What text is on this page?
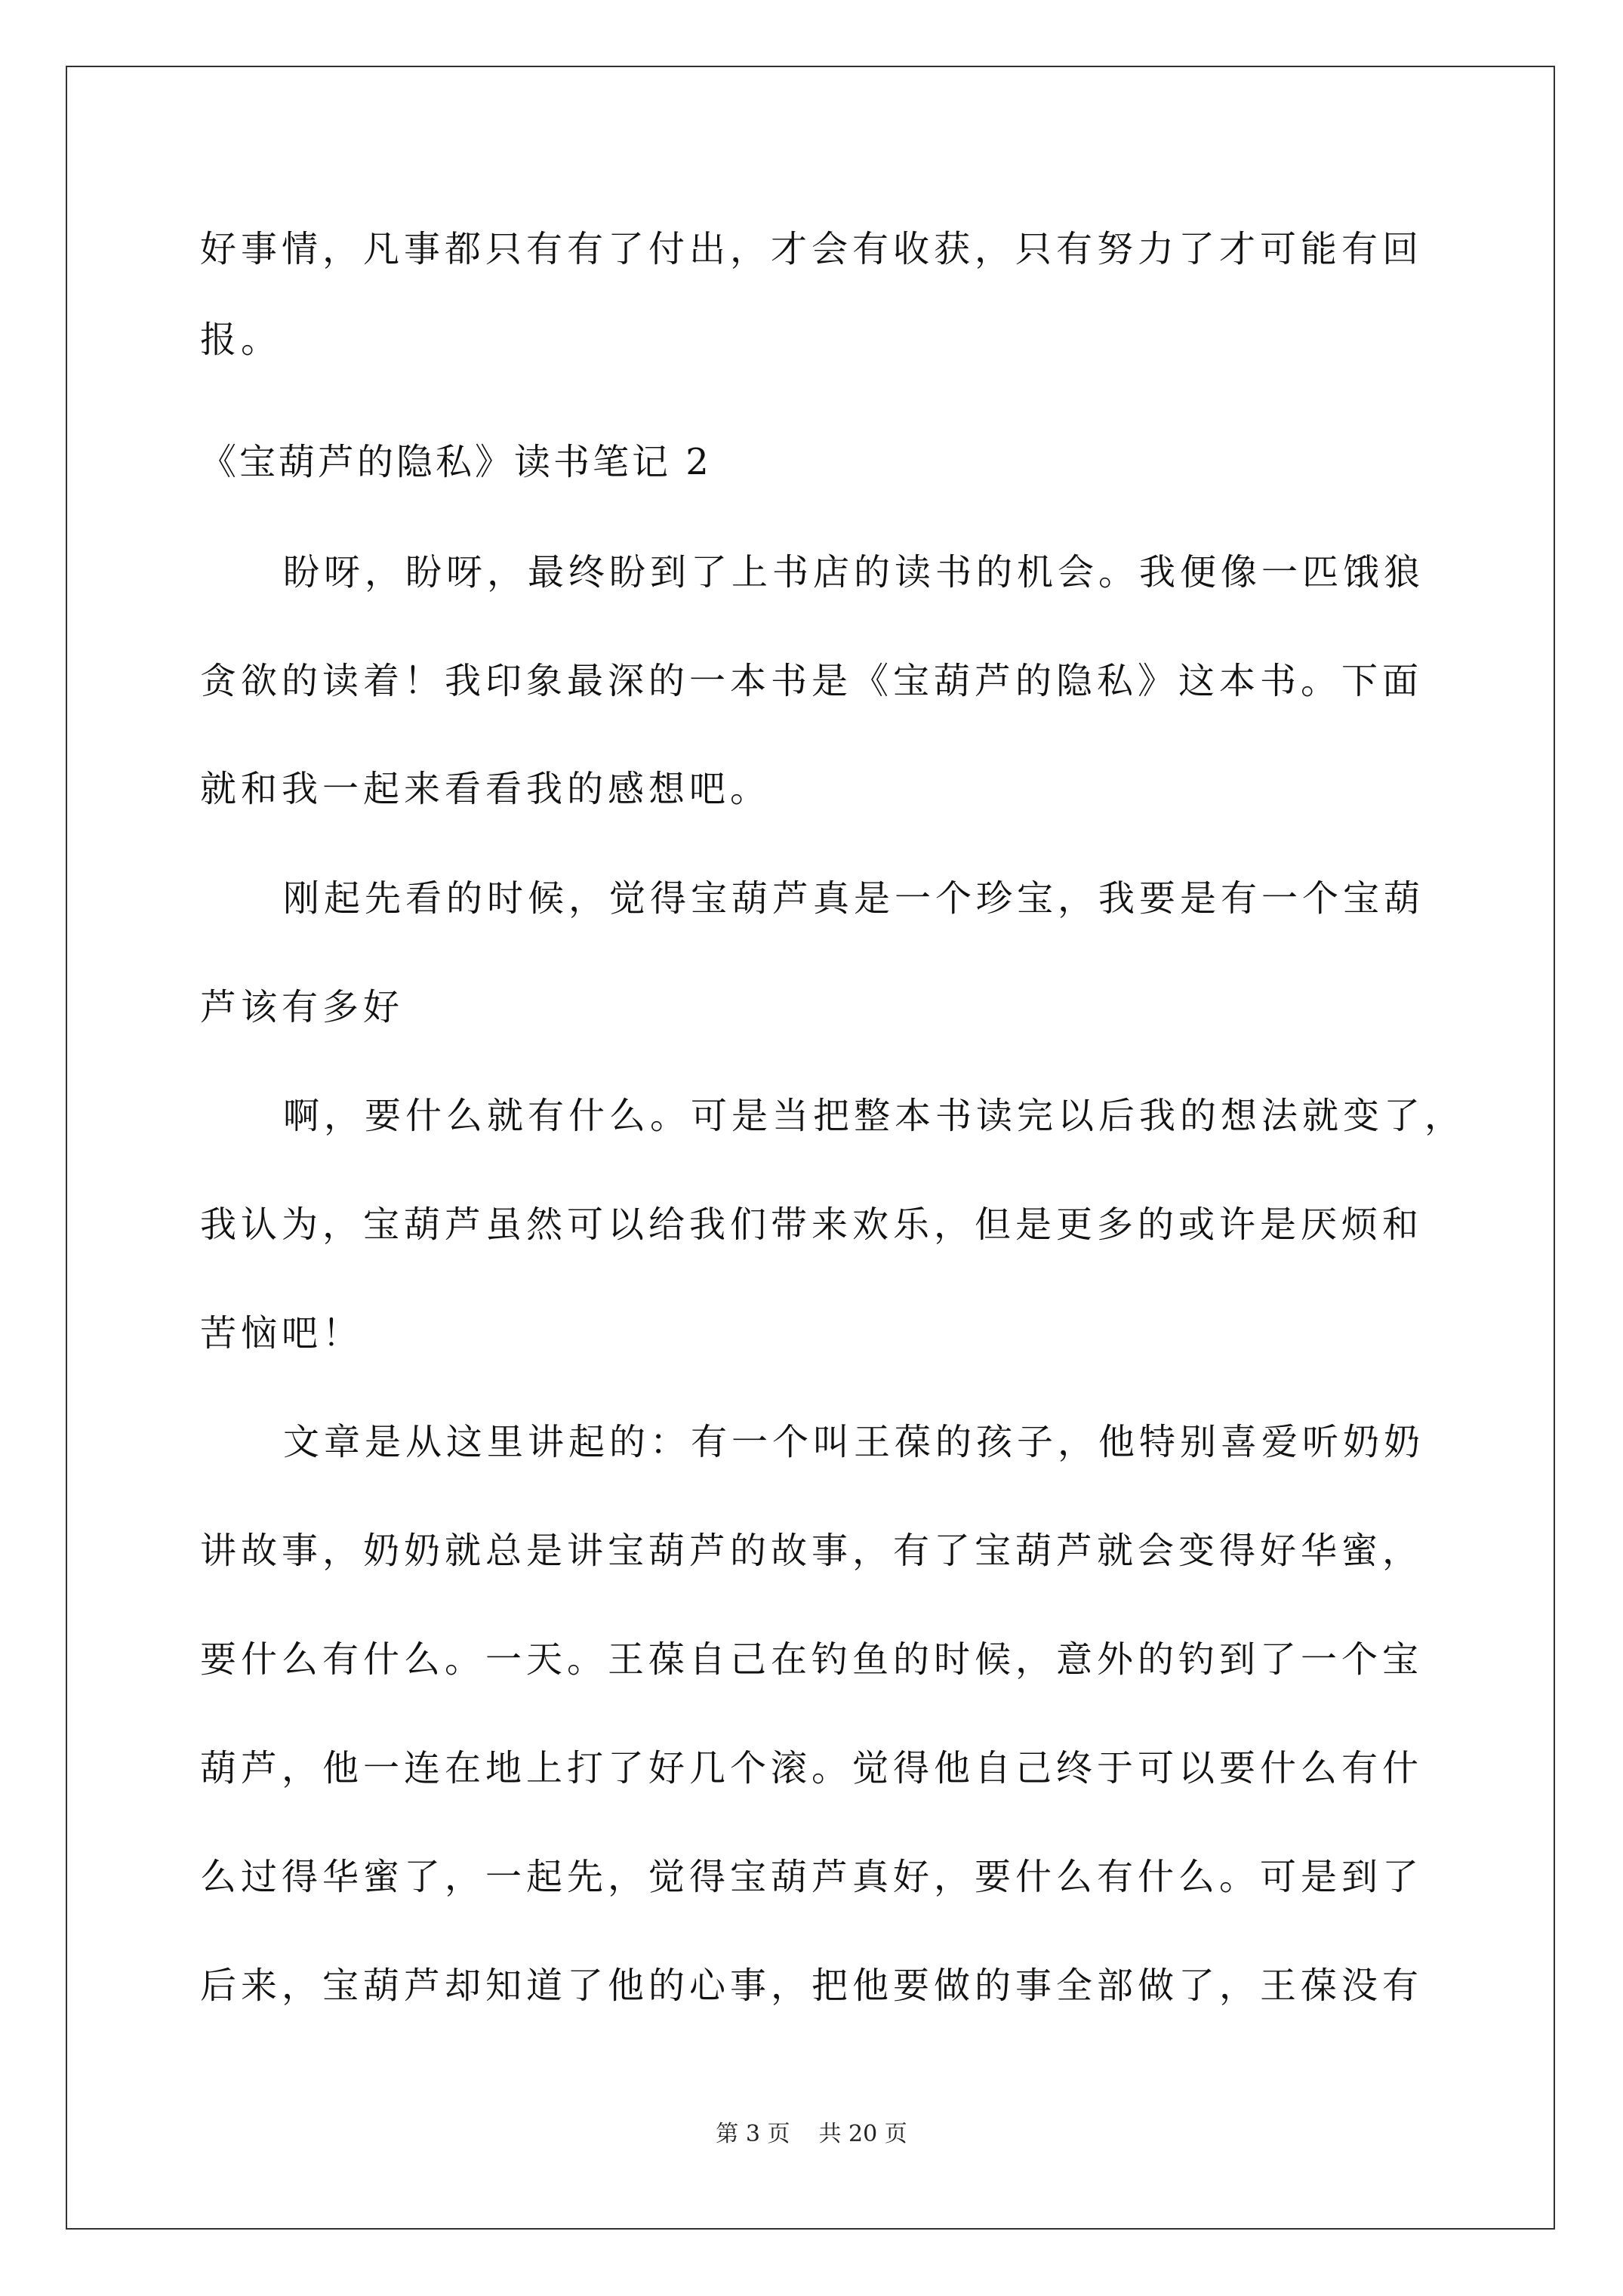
好事情，凡事都只有有了付出，才会有收获，只有努力了才可能有回
报。
《宝葫芦的隐私》读书笔记 2
盼呀，盼呀，最终盼到了上书店的读书的机会。我便像一匹饿狼
贪欲的读着！我印象最深的一本书是《宝葫芦的隐私》这本书。下面
就和我一起来看看我的感想吧。
刚起先看的时候，觉得宝葫芦真是一个珍宝，我要是有一个宝葫
芦该有多好
啊，要什么就有什么。可是当把整本书读完以后我的想法就变了，
我认为，宝葫芦虽然可以给我们带来欢乐，但是更多的或许是厌烦和
苦恼吧！
文章是从这里讲起的：有一个叫王葆的孩子，他特别喜爱听奶奶
讲故事，奶奶就总是讲宝葫芦的故事，有了宝葫芦就会变得好华蜜，
要什么有什么。一天。王葆自己在钓鱼的时候，意外的钓到了一个宝
葫芦，他一连在地上打了好几个滚。觉得他自己终于可以要什么有什
么过得华蜜了，一起先，觉得宝葫芦真好，要什么有什么。可是到了
后来，宝葫芦却知道了他的心事，把他要做的事全部做了，王葆没有
第 3 页 共 20 页
